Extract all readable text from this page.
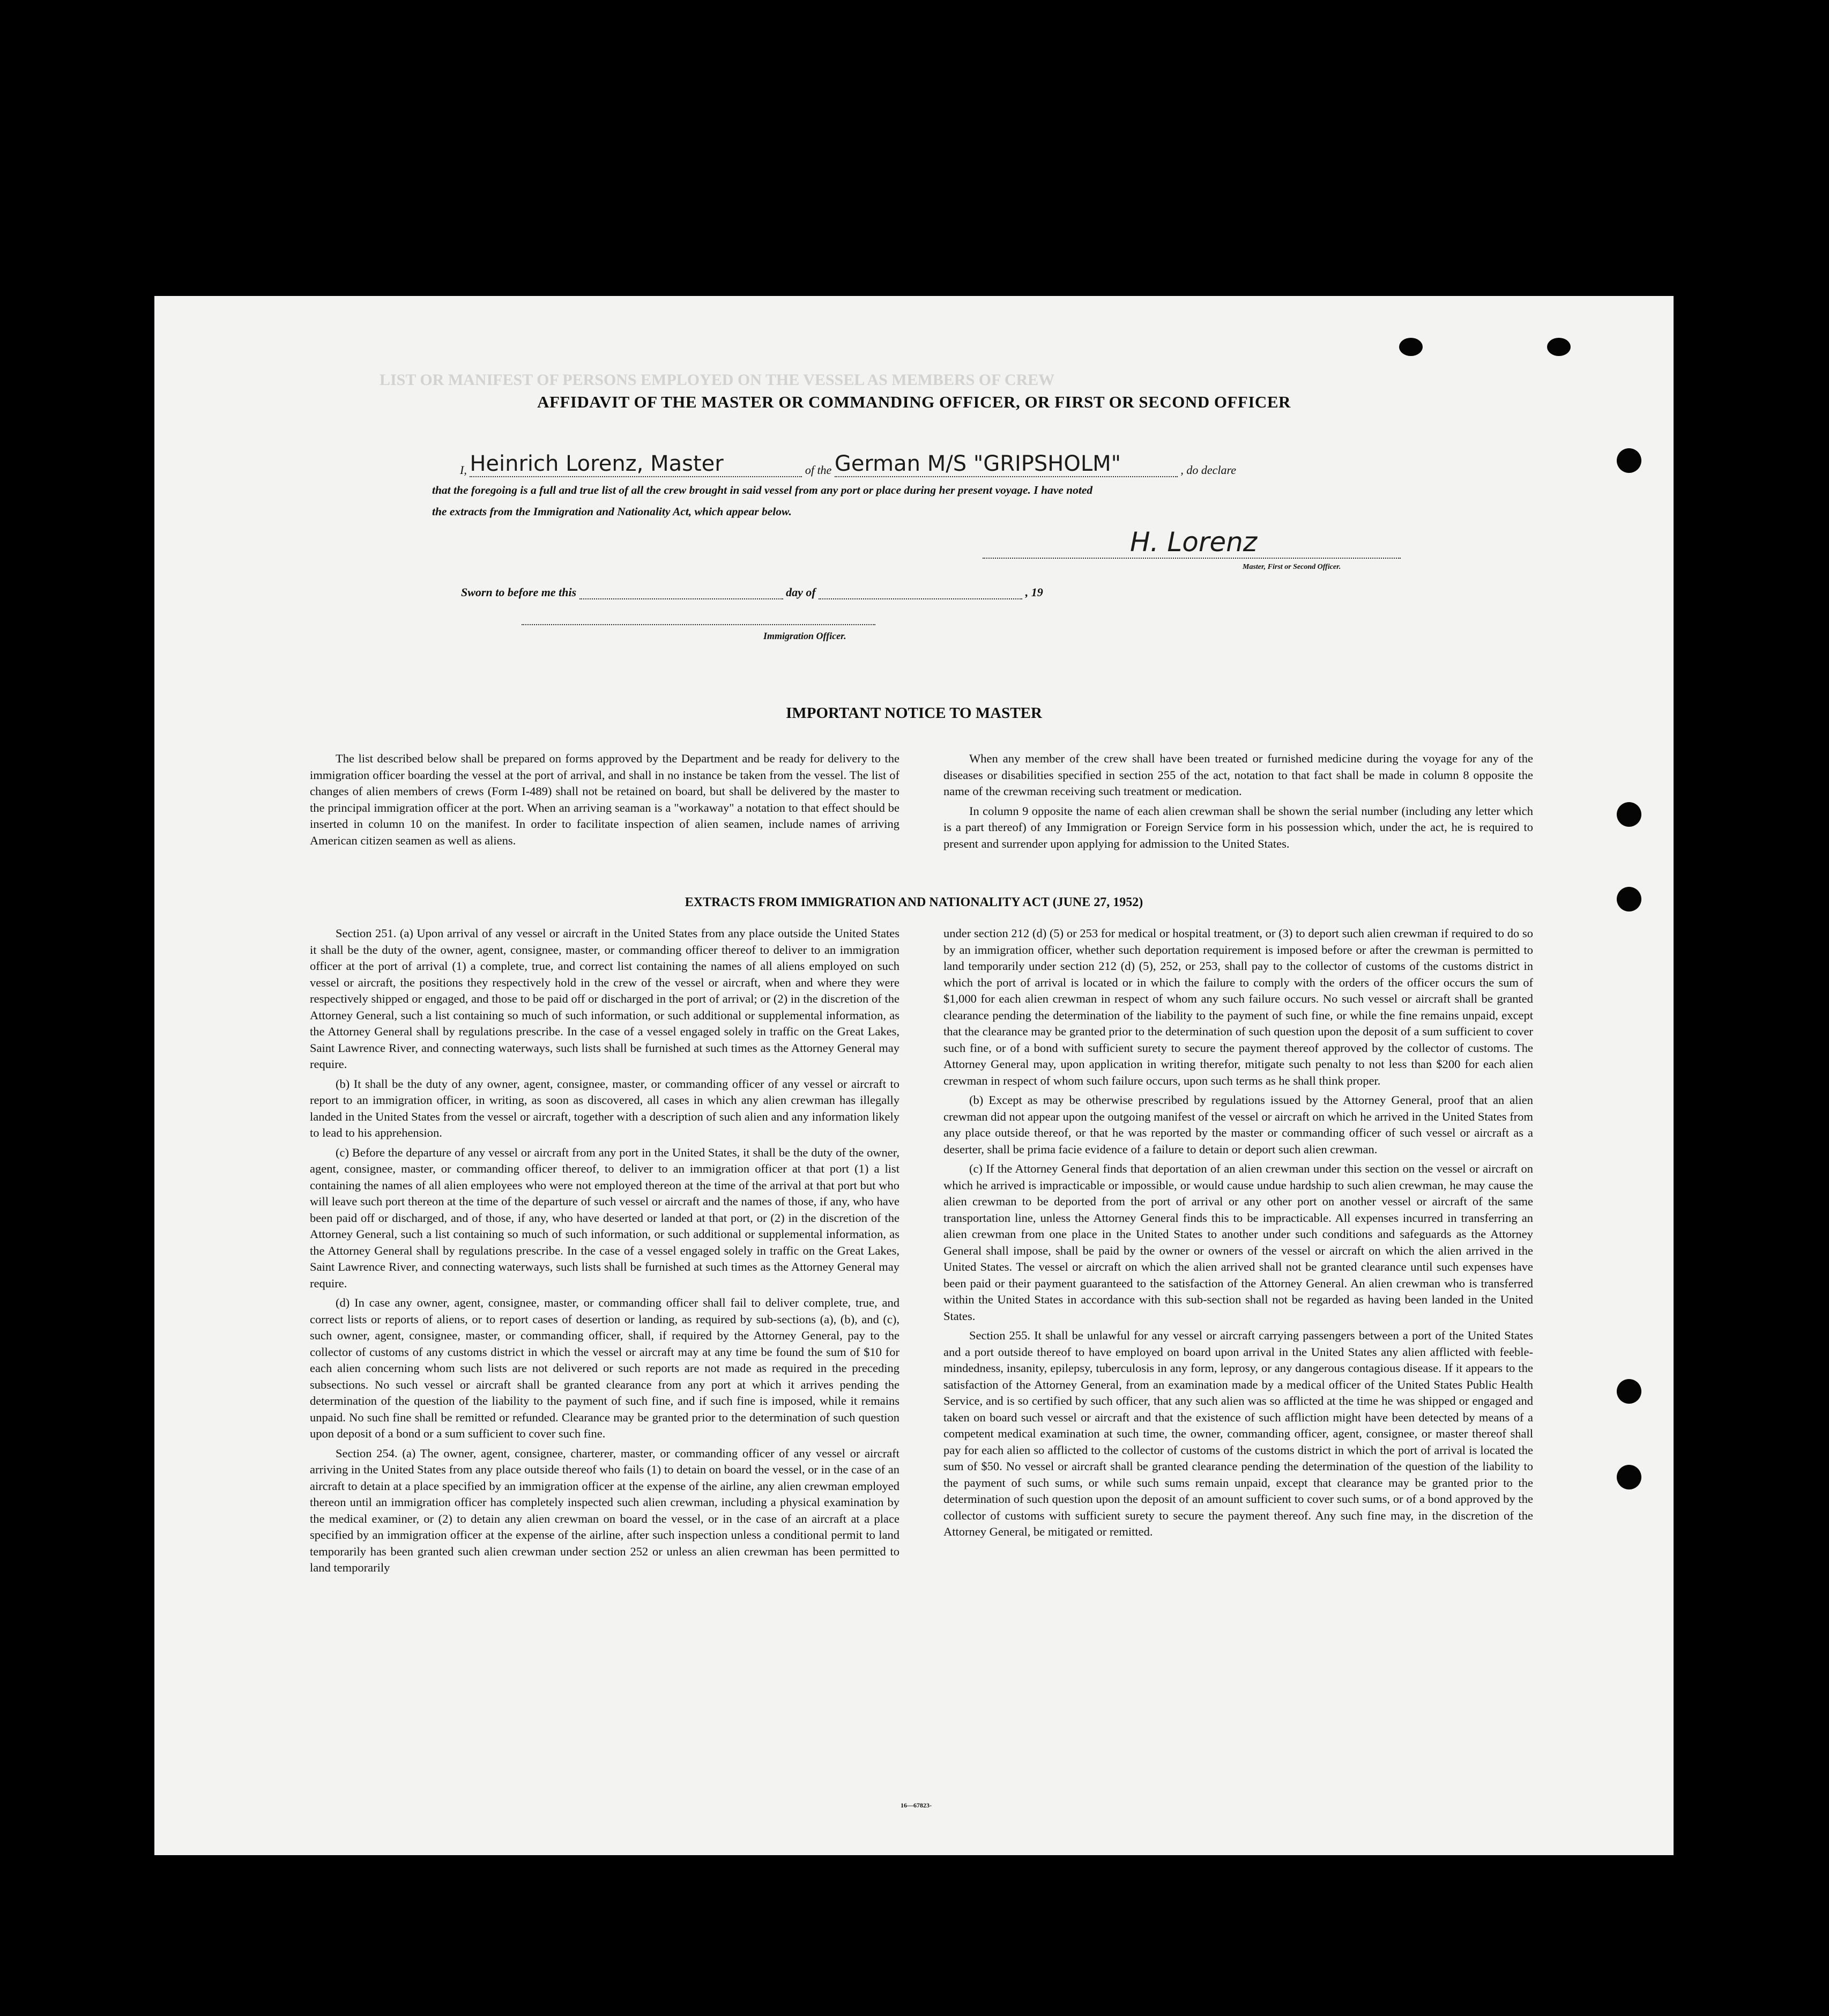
LIST OR MANIFEST OF PERSONS EMPLOYED ON THE VESSEL AS MEMBERS OF CREW
AFFIDAVIT OF THE MASTER OR COMMANDING OFFICER, OR FIRST OR SECOND OFFICER
I, Heinrich Lorenz, Master	of the German M/S "GRIPSHOLM"	, do declare
that the foregoing is a full and true list of all the crew brought in said vessel from any port or place during her present voyage. I have noted
the extracts from the Immigration and Nationality Act, which appear below.
H. Lorenz
Master, First or Second Officer.
Sworn to before me this	day of	, 19
Immigration Officer.
IMPORTANT NOTICE TO MASTER

The list described below shall be prepared on forms approved by the Department and be ready for delivery to the immigration officer boarding the vessel at the port of arrival, and shall in no instance be taken from the vessel. The list of changes of alien members of crews (Form I-489) shall not be retained on board, but shall be delivered by the master to the principal immigration officer at the port. When an arriving seaman is a "workaway" a notation to that effect should be inserted in column 10 on the manifest. In order to facilitate inspection of alien seamen, include names of arriving American citizen seamen as well as aliens.

When any member of the crew shall have been treated or furnished medicine during the voyage for any of the diseases or disabilities specified in section 255 of the act, notation to that fact shall be made in column 8 opposite the name of the crewman receiving such treatment or medication.

In column 9 opposite the name of each alien crewman shall be shown the serial number (including any letter which is a part thereof) of any Immigration or Foreign Service form in his possession which, under the act, he is required to present and surrender upon applying for admission to the United States.

EXTRACTS FROM IMMIGRATION AND NATIONALITY ACT (JUNE 27, 1952)

Section 251. (a) Upon arrival of any vessel or aircraft in the United States from any place outside the United States it shall be the duty of the owner, agent, consignee, master, or commanding officer thereof to deliver to an immigration officer at the port of arrival (1) a complete, true, and correct list containing the names of all aliens employed on such vessel or aircraft, the positions they respectively hold in the crew of the vessel or aircraft, when and where they were respectively shipped or engaged, and those to be paid off or discharged in the port of arrival; or (2) in the discretion of the Attorney General, such a list containing so much of such information, or such additional or supplemental information, as the Attorney General shall by regulations prescribe. In the case of a vessel engaged solely in traffic on the Great Lakes, Saint Lawrence River, and connecting waterways, such lists shall be furnished at such times as the Attorney General may require.

(b) It shall be the duty of any owner, agent, consignee, master, or commanding officer of any vessel or aircraft to report to an immigration officer, in writing, as soon as discovered, all cases in which any alien crewman has illegally landed in the United States from the vessel or aircraft, together with a description of such alien and any information likely to lead to his apprehension.

(c) Before the departure of any vessel or aircraft from any port in the United States, it shall be the duty of the owner, agent, consignee, master, or commanding officer thereof, to deliver to an immigration officer at that port (1) a list containing the names of all alien employees who were not employed thereon at the time of the arrival at that port but who will leave such port thereon at the time of the departure of such vessel or aircraft and the names of those, if any, who have been paid off or discharged, and of those, if any, who have deserted or landed at that port, or (2) in the discretion of the Attorney General, such a list containing so much of such information, or such additional or supplemental information, as the Attorney General shall by regulations prescribe. In the case of a vessel engaged solely in traffic on the Great Lakes, Saint Lawrence River, and connecting waterways, such lists shall be furnished at such times as the Attorney General may require.

(d) In case any owner, agent, consignee, master, or commanding officer shall fail to deliver complete, true, and correct lists or reports of aliens, or to report cases of desertion or landing, as required by sub-sections (a), (b), and (c), such owner, agent, consignee, master, or commanding officer, shall, if required by the Attorney General, pay to the collector of customs of any customs district in which the vessel or aircraft may at any time be found the sum of $10 for each alien concerning whom such lists are not delivered or such reports are not made as required in the preceding subsections. No such vessel or aircraft shall be granted clearance from any port at which it arrives pending the determination of the question of the liability to the payment of such fine, and if such fine is imposed, while it remains unpaid. No such fine shall be remitted or refunded. Clearance may be granted prior to the determination of such question upon deposit of a bond or a sum sufficient to cover such fine.

Section 254. (a) The owner, agent, consignee, charterer, master, or commanding officer of any vessel or aircraft arriving in the United States from any place outside thereof who fails (1) to detain on board the vessel, or in the case of an aircraft to detain at a place specified by an immigration officer at the expense of the airline, any alien crewman employed thereon until an immigration officer has completely inspected such alien crewman, including a physical examination by the medical examiner, or (2) to detain any alien crewman on board the vessel, or in the case of an aircraft at a place specified by an immigration officer at the expense of the airline, after such inspection unless a conditional permit to land temporarily has been granted such alien crewman under section 252 or unless an alien crewman has been permitted to land temporarily

under section 212 (d) (5) or 253 for medical or hospital treatment, or (3) to deport such alien crewman if required to do so by an immigration officer, whether such deportation requirement is imposed before or after the crewman is permitted to land temporarily under section 212 (d) (5), 252, or 253, shall pay to the collector of customs of the customs district in which the port of arrival is located or in which the failure to comply with the orders of the officer occurs the sum of $1,000 for each alien crewman in respect of whom any such failure occurs. No such vessel or aircraft shall be granted clearance pending the determination of the liability to the payment of such fine, or while the fine remains unpaid, except that the clearance may be granted prior to the determination of such question upon the deposit of a sum sufficient to cover such fine, or of a bond with sufficient surety to secure the payment thereof approved by the collector of customs. The Attorney General may, upon application in writing therefor, mitigate such penalty to not less than $200 for each alien crewman in respect of whom such failure occurs, upon such terms as he shall think proper.

(b) Except as may be otherwise prescribed by regulations issued by the Attorney General, proof that an alien crewman did not appear upon the outgoing manifest of the vessel or aircraft on which he arrived in the United States from any place outside thereof, or that he was reported by the master or commanding officer of such vessel or aircraft as a deserter, shall be prima facie evidence of a failure to detain or deport such alien crewman.

(c) If the Attorney General finds that deportation of an alien crewman under this section on the vessel or aircraft on which he arrived is impracticable or impossible, or would cause undue hardship to such alien crewman, he may cause the alien crewman to be deported from the port of arrival or any other port on another vessel or aircraft of the same transportation line, unless the Attorney General finds this to be impracticable. All expenses incurred in transferring an alien crewman from one place in the United States to another under such conditions and safeguards as the Attorney General shall impose, shall be paid by the owner or owners of the vessel or aircraft on which the alien arrived in the United States. The vessel or aircraft on which the alien arrived shall not be granted clearance until such expenses have been paid or their payment guaranteed to the satisfaction of the Attorney General. An alien crewman who is transferred within the United States in accordance with this sub-section shall not be regarded as having been landed in the United States.

Section 255. It shall be unlawful for any vessel or aircraft carrying passengers between a port of the United States and a port outside thereof to have employed on board upon arrival in the United States any alien afflicted with feeble-mindedness, insanity, epilepsy, tuberculosis in any form, leprosy, or any dangerous contagious disease. If it appears to the satisfaction of the Attorney General, from an examination made by a medical officer of the United States Public Health Service, and is so certified by such officer, that any such alien was so afflicted at the time he was shipped or engaged and taken on board such vessel or aircraft and that the existence of such affliction might have been detected by means of a competent medical examination at such time, the owner, commanding officer, agent, consignee, or master thereof shall pay for each alien so afflicted to the collector of customs of the customs district in which the port of arrival is located the sum of $50. No vessel or aircraft shall be granted clearance pending the determination of the question of the liability to the payment of such sums, or while such sums remain unpaid, except that clearance may be granted prior to the determination of such question upon the deposit of an amount sufficient to cover such sums, or of a bond approved by the collector of customs with sufficient surety to secure the payment thereof. Any such fine may, in the discretion of the Attorney General, be mitigated or remitted.

16—67823-
